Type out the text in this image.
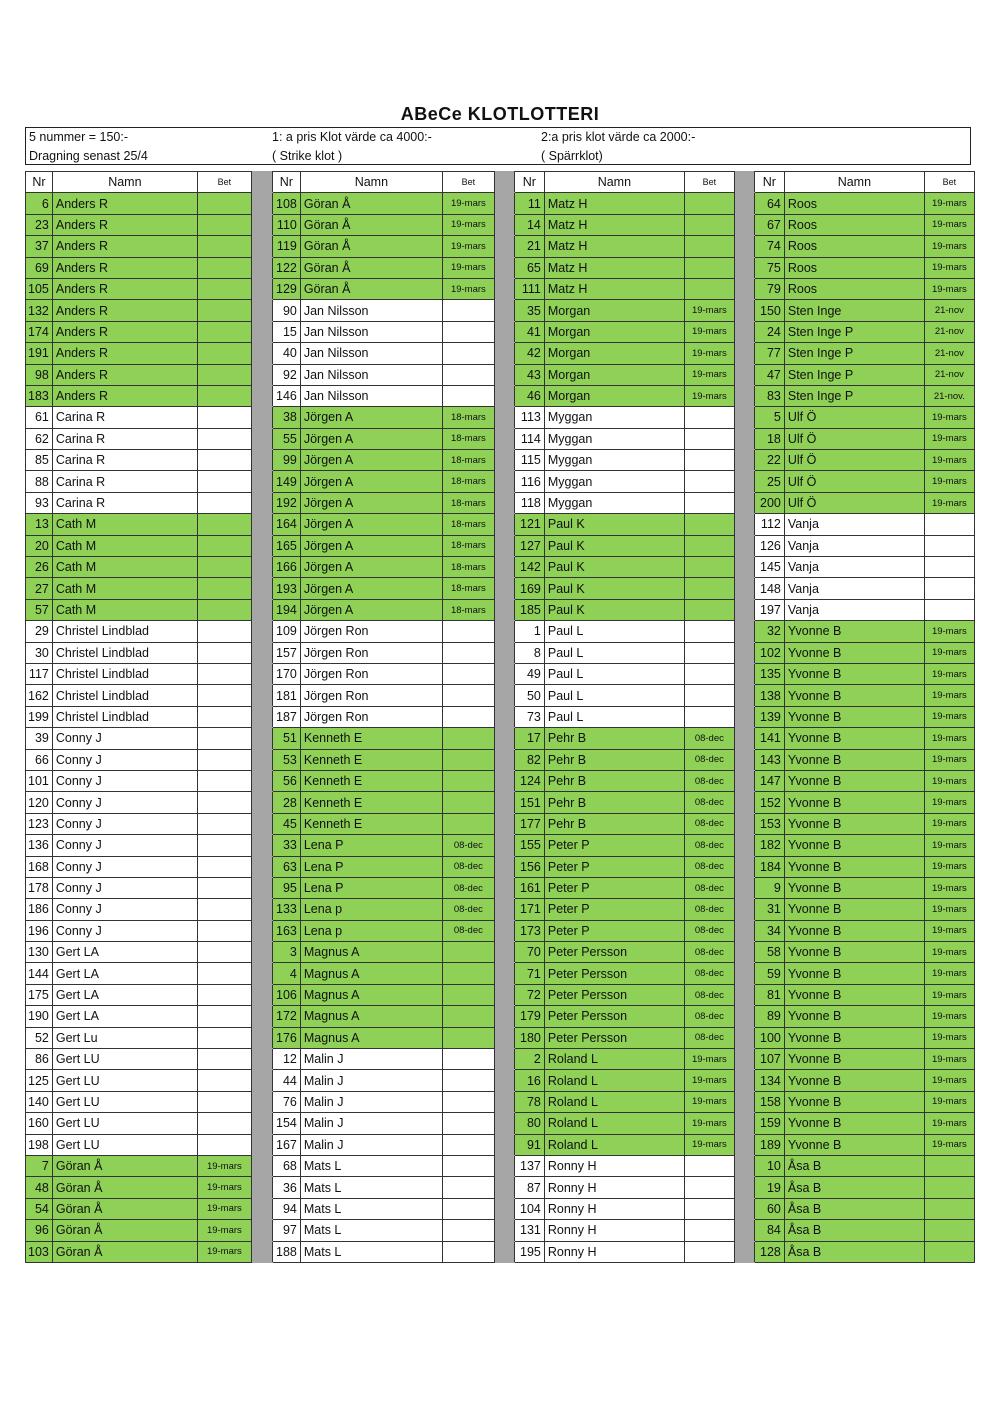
ABeCe KLOTLOTTERI
5 nummer = 150:-
Dragning senast 25/4
1: a pris Klot värde ca 4000:-
( Strike klot )
2:a pris klot värde ca 2000:-
( Spärrklot)
Nr	Namn	Bet		Nr	Namn	Bet		Nr	Namn	Bet		Nr	Namn	Bet
6	Anders R			108	Göran Å	19-mars		11	Matz H			64	Roos	19-mars
23	Anders R			110	Göran Å	19-mars		14	Matz H			67	Roos	19-mars
37	Anders R			119	Göran Å	19-mars		21	Matz H			74	Roos	19-mars
69	Anders R			122	Göran Å	19-mars		65	Matz H			75	Roos	19-mars
105	Anders R			129	Göran Å	19-mars		111	Matz H			79	Roos	19-mars
132	Anders R			90	Jan Nilsson			35	Morgan	19-mars		150	Sten Inge	21-nov
174	Anders R			15	Jan Nilsson			41	Morgan	19-mars		24	Sten Inge P	21-nov
191	Anders R			40	Jan Nilsson			42	Morgan	19-mars		77	Sten Inge P	21-nov
98	Anders R			92	Jan Nilsson			43	Morgan	19-mars		47	Sten Inge P	21-nov
183	Anders R			146	Jan Nilsson			46	Morgan	19-mars		83	Sten Inge P	21-nov.
61	Carina R			38	Jörgen A	18-mars		113	Myggan			5	Ulf Ö	19-mars
62	Carina R			55	Jörgen A	18-mars		114	Myggan			18	Ulf Ö	19-mars
85	Carina R			99	Jörgen A	18-mars		115	Myggan			22	Ulf Ö	19-mars
88	Carina R			149	Jörgen A	18-mars		116	Myggan			25	Ulf Ö	19-mars
93	Carina R			192	Jörgen A	18-mars		118	Myggan			200	Ulf Ö	19-mars
13	Cath M			164	Jörgen A	18-mars		121	Paul K			112	Vanja	
20	Cath M			165	Jörgen A	18-mars		127	Paul K			126	Vanja	
26	Cath M			166	Jörgen A	18-mars		142	Paul K			145	Vanja	
27	Cath M			193	Jörgen A	18-mars		169	Paul K			148	Vanja	
57	Cath M			194	Jörgen A	18-mars		185	Paul K			197	Vanja	
29	Christel Lindblad			109	Jörgen Ron			1	Paul L			32	Yvonne B	19-mars
30	Christel Lindblad			157	Jörgen Ron			8	Paul L			102	Yvonne B	19-mars
117	Christel Lindblad			170	Jörgen Ron			49	Paul L			135	Yvonne B	19-mars
162	Christel Lindblad			181	Jörgen Ron			50	Paul L			138	Yvonne B	19-mars
199	Christel Lindblad			187	Jörgen Ron			73	Paul L			139	Yvonne B	19-mars
39	Conny J			51	Kenneth E			17	Pehr B	08-dec		141	Yvonne B	19-mars
66	Conny J			53	Kenneth E			82	Pehr B	08-dec		143	Yvonne B	19-mars
101	Conny J			56	Kenneth E			124	Pehr B	08-dec		147	Yvonne B	19-mars
120	Conny J			28	Kenneth E			151	Pehr B	08-dec		152	Yvonne B	19-mars
123	Conny J			45	Kenneth E			177	Pehr B	08-dec		153	Yvonne B	19-mars
136	Conny J			33	Lena P	08-dec		155	Peter P	08-dec		182	Yvonne B	19-mars
168	Conny J			63	Lena P	08-dec		156	Peter P	08-dec		184	Yvonne B	19-mars
178	Conny J			95	Lena P	08-dec		161	Peter P	08-dec		9	Yvonne B	19-mars
186	Conny J			133	Lena p	08-dec		171	Peter P	08-dec		31	Yvonne B	19-mars
196	Conny J			163	Lena p	08-dec		173	Peter P	08-dec		34	Yvonne B	19-mars
130	Gert LA			3	Magnus A			70	Peter Persson	08-dec		58	Yvonne B	19-mars
144	Gert LA			4	Magnus A			71	Peter Persson	08-dec		59	Yvonne B	19-mars
175	Gert LA			106	Magnus A			72	Peter Persson	08-dec		81	Yvonne B	19-mars
190	Gert LA			172	Magnus A			179	Peter Persson	08-dec		89	Yvonne B	19-mars
52	Gert Lu			176	Magnus A			180	Peter Persson	08-dec		100	Yvonne B	19-mars
86	Gert LU			12	Malin J			2	Roland L	19-mars		107	Yvonne B	19-mars
125	Gert LU			44	Malin J			16	Roland L	19-mars		134	Yvonne B	19-mars
140	Gert LU			76	Malin J			78	Roland L	19-mars		158	Yvonne B	19-mars
160	Gert LU			154	Malin J			80	Roland L	19-mars		159	Yvonne B	19-mars
198	Gert LU			167	Malin J			91	Roland L	19-mars		189	Yvonne B	19-mars
7	Göran Å	19-mars		68	Mats L			137	Ronny H			10	Åsa B	
48	Göran Å	19-mars		36	Mats L			87	Ronny H			19	Åsa B	
54	Göran Å	19-mars		94	Mats L			104	Ronny H			60	Åsa B	
96	Göran Å	19-mars		97	Mats L			131	Ronny H			84	Åsa B	
103	Göran Å	19-mars		188	Mats L			195	Ronny H			128	Åsa B	
